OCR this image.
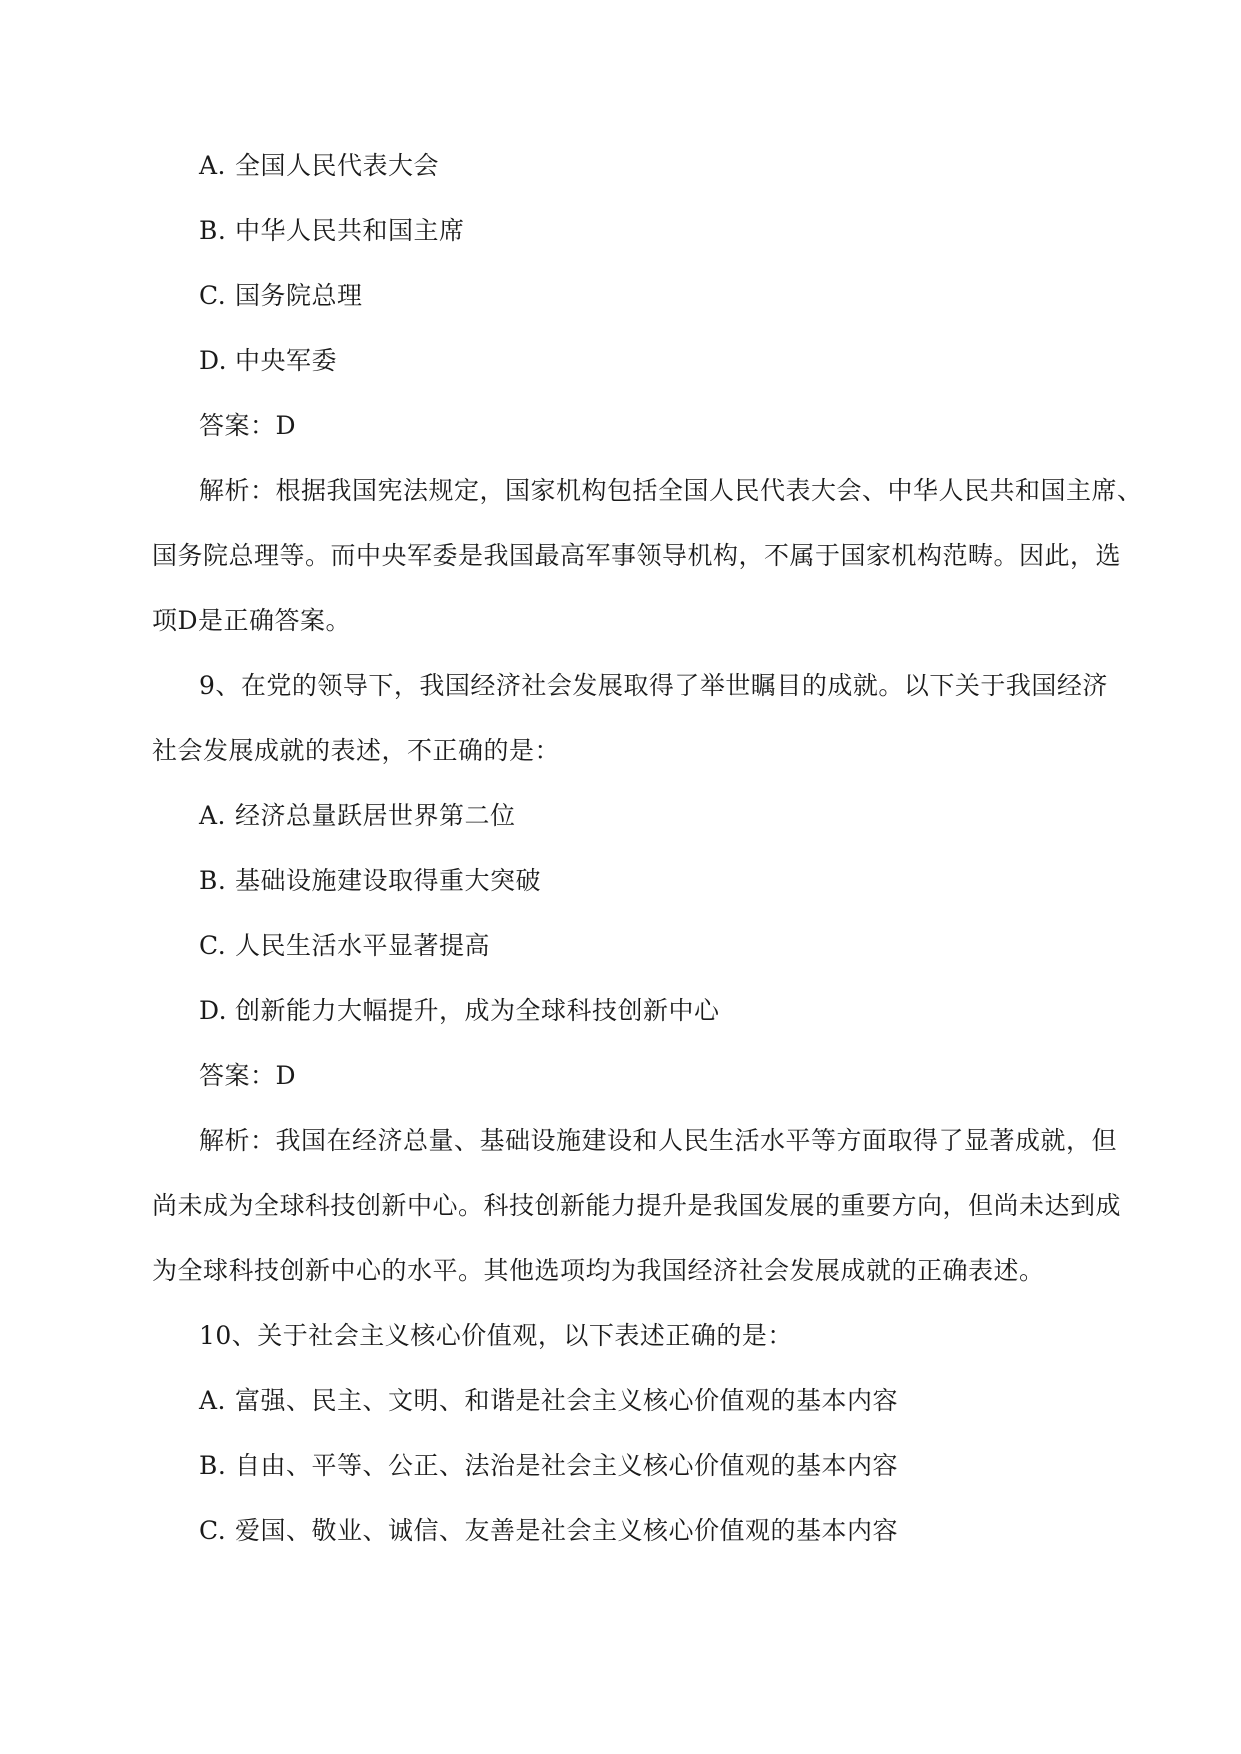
A. 全国人民代表大会
B. 中华人民共和国主席
C. 国务院总理
D. 中央军委
答案：D
解析：根据我国宪法规定，国家机构包括全国人民代表大会、中华人民共和国主席、
国务院总理等。而中央军委是我国最高军事领导机构，不属于国家机构范畴。因此，选
项D是正确答案。
9、在党的领导下，我国经济社会发展取得了举世瞩目的成就。以下关于我国经济
社会发展成就的表述，不正确的是：
A. 经济总量跃居世界第二位
B. 基础设施建设取得重大突破
C. 人民生活水平显著提高
D. 创新能力大幅提升，成为全球科技创新中心
答案：D
解析：我国在经济总量、基础设施建设和人民生活水平等方面取得了显著成就，但
尚未成为全球科技创新中心。科技创新能力提升是我国发展的重要方向，但尚未达到成
为全球科技创新中心的水平。其他选项均为我国经济社会发展成就的正确表述。
10、关于社会主义核心价值观，以下表述正确的是：
A. 富强、民主、文明、和谐是社会主义核心价值观的基本内容
B. 自由、平等、公正、法治是社会主义核心价值观的基本内容
C. 爱国、敬业、诚信、友善是社会主义核心价值观的基本内容
